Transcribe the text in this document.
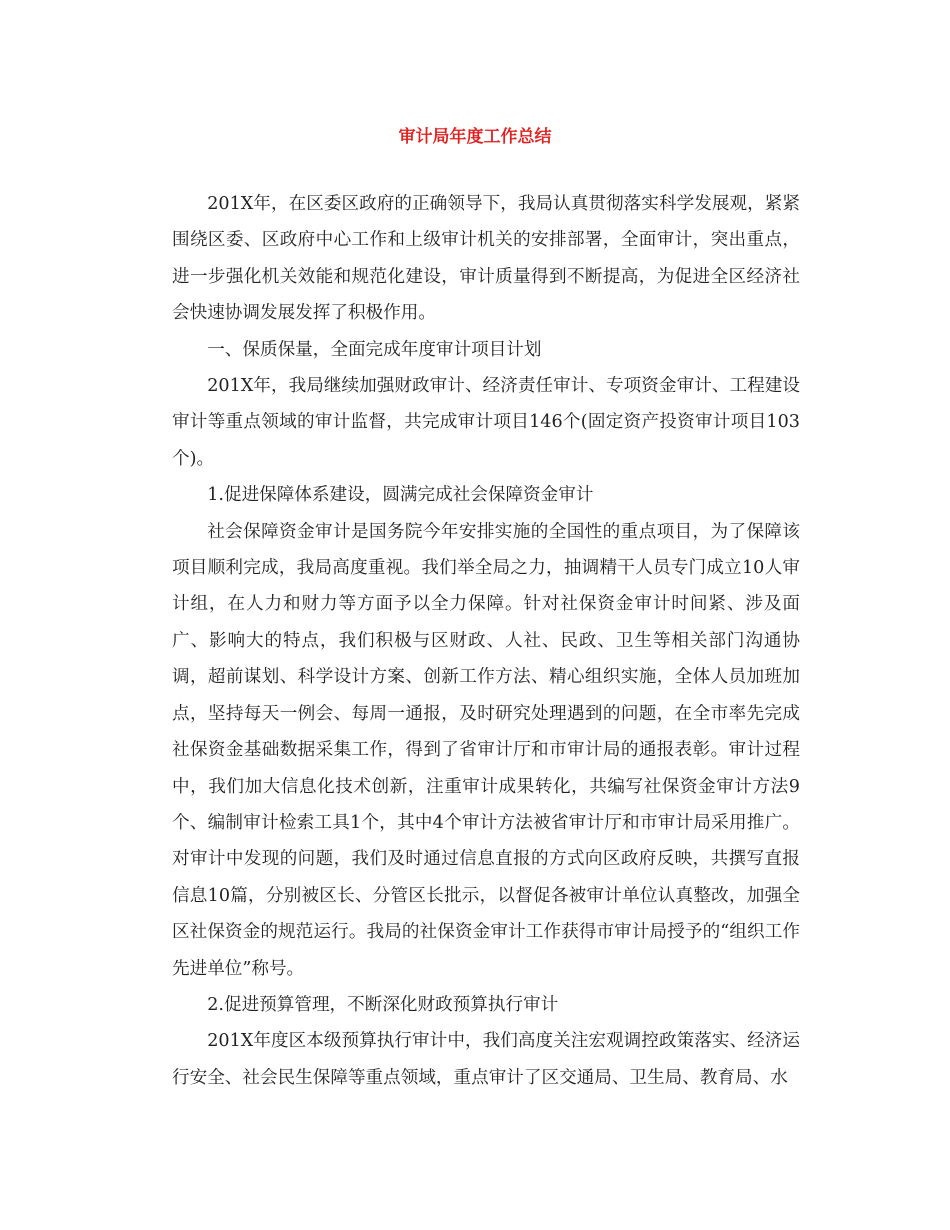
审计局年度工作总结

201X年，在区委区政府的正确领导下，我局认真贯彻落实科学发展观，紧紧围绕区委、区政府中心工作和上级审计机关的安排部署，全面审计，突出重点，进一步强化机关效能和规范化建设，审计质量得到不断提高，为促进全区经济社会快速协调发展发挥了积极作用。

一、保质保量，全面完成年度审计项目计划

201X年，我局继续加强财政审计、经济责任审计、专项资金审计、工程建设审计等重点领域的审计监督，共完成审计项目146个(固定资产投资审计项目103个)。

1.促进保障体系建设，圆满完成社会保障资金审计

社会保障资金审计是国务院今年安排实施的全国性的重点项目，为了保障该项目顺利完成，我局高度重视。我们举全局之力，抽调精干人员专门成立10人审计组，在人力和财力等方面予以全力保障。针对社保资金审计时间紧、涉及面广、影响大的特点，我们积极与区财政、人社、民政、卫生等相关部门沟通协调，超前谋划、科学设计方案、创新工作方法、精心组织实施，全体人员加班加点，坚持每天一例会、每周一通报，及时研究处理遇到的问题，在全市率先完成社保资金基础数据采集工作，得到了省审计厅和市审计局的通报表彰。审计过程中，我们加大信息化技术创新，注重审计成果转化，共编写社保资金审计方法9个、编制审计检索工具1个，其中4个审计方法被省审计厅和市审计局采用推广。对审计中发现的问题，我们及时通过信息直报的方式向区政府反映，共撰写直报信息10篇，分别被区长、分管区长批示，以督促各被审计单位认真整改，加强全区社保资金的规范运行。我局的社保资金审计工作获得市审计局授予的“组织工作先进单位”称号。

2.促进预算管理，不断深化财政预算执行审计

201X年度区本级预算执行审计中，我们高度关注宏观调控政策落实、经济运行安全、社会民生保障等重点领域，重点审计了区交通局、卫生局、教育局、水
